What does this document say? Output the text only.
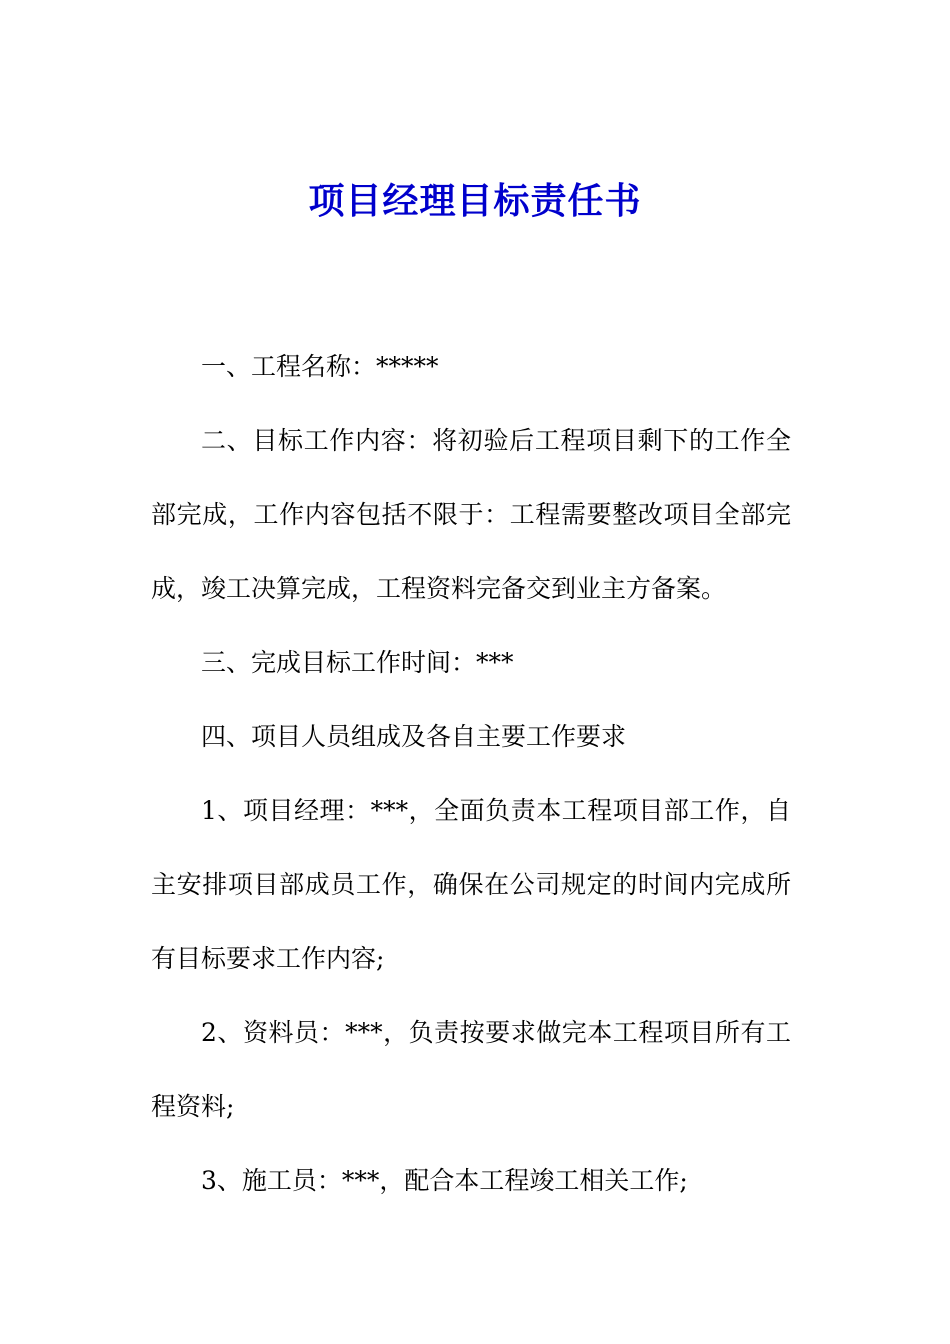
项目经理目标责任书

一、工程名称：*****

二、目标工作内容：将初验后工程项目剩下的工作全部完成，工作内容包括不限于：工程需要整改项目全部完成，竣工决算完成，工程资料完备交到业主方备案。

三、完成目标工作时间：***

四、项目人员组成及各自主要工作要求

1、项目经理：***，全面负责本工程项目部工作，自主安排项目部成员工作，确保在公司规定的时间内完成所有目标要求工作内容;

2、资料员：***，负责按要求做完本工程项目所有工程资料;

3、施工员：***，配合本工程竣工相关工作;
